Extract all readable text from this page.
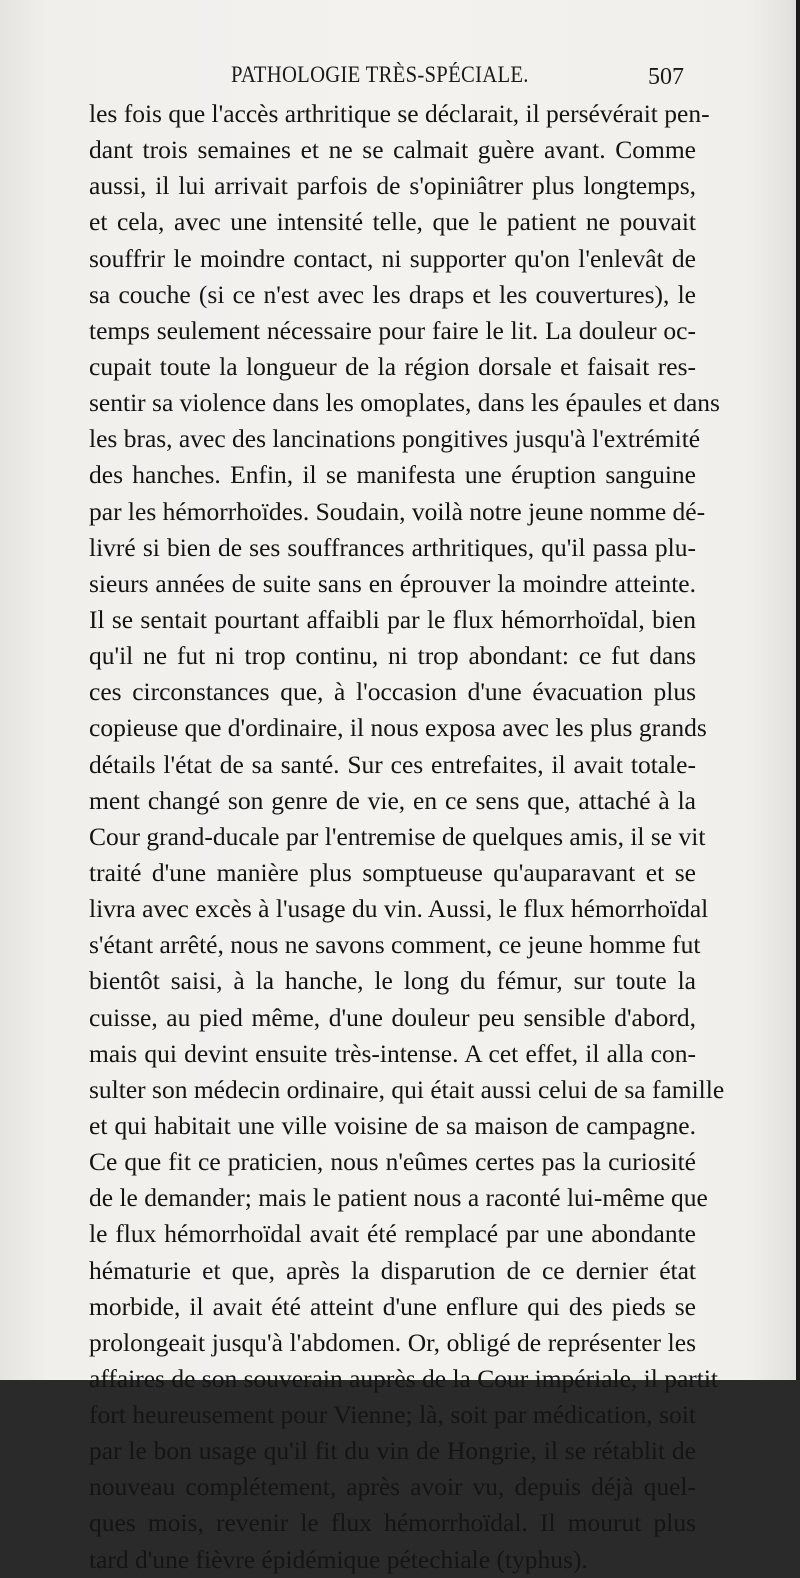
PATHOLOGIE TRÈS-SPÉCIALE.	507
les fois que l'accès arthritique se déclarait, il persévérait pen-
dant trois semaines et ne se calmait guère avant. Comme
aussi, il lui arrivait parfois de s'opiniâtrer plus longtemps,
et cela, avec une intensité telle, que le patient ne pouvait
souffrir le moindre contact, ni supporter qu'on l'enlevât de
sa couche (si ce n'est avec les draps et les couvertures), le
temps seulement nécessaire pour faire le lit. La douleur oc-
cupait toute la longueur de la région dorsale et faisait res-
sentir sa violence dans les omoplates, dans les épaules et dans
les bras, avec des lancinations pongitives jusqu'à l'extrémité
des hanches. Enfin, il se manifesta une éruption sanguine
par les hémorrhoïdes. Soudain, voilà notre jeune nomme dé-
livré si bien de ses souffrances arthritiques, qu'il passa plu-
sieurs années de suite sans en éprouver la moindre atteinte.
Il se sentait pourtant affaibli par le flux hémorrhoïdal, bien
qu'il ne fut ni trop continu, ni trop abondant: ce fut dans
ces circonstances que, à l'occasion d'une évacuation plus
copieuse que d'ordinaire, il nous exposa avec les plus grands
détails l'état de sa santé. Sur ces entrefaites, il avait totale-
ment changé son genre de vie, en ce sens que, attaché à la
Cour grand-ducale par l'entremise de quelques amis, il se vit
traité d'une manière plus somptueuse qu'auparavant et se
livra avec excès à l'usage du vin. Aussi, le flux hémorrhoïdal
s'étant arrêté, nous ne savons comment, ce jeune homme fut
bientôt saisi, à la hanche, le long du fémur, sur toute la
cuisse, au pied même, d'une douleur peu sensible d'abord,
mais qui devint ensuite très-intense. A cet effet, il alla con-
sulter son médecin ordinaire, qui était aussi celui de sa famille
et qui habitait une ville voisine de sa maison de campagne.
Ce que fit ce praticien, nous n'eûmes certes pas la curiosité
de le demander; mais le patient nous a raconté lui-même que
le flux hémorrhoïdal avait été remplacé par une abondante
hématurie et que, après la disparution de ce dernier état
morbide, il avait été atteint d'une enflure qui des pieds se
prolongeait jusqu'à l'abdomen. Or, obligé de représenter les
affaires de son souverain auprès de la Cour impériale, il partit
fort heureusement pour Vienne; là, soit par médication, soit
par le bon usage qu'il fit du vin de Hongrie, il se rétablit de
nouveau complétement, après avoir vu, depuis déjà quel-
ques mois, revenir le flux hémorrhoïdal. Il mourut plus
tard d'une fièvre épidémique pétechiale (typhus).
